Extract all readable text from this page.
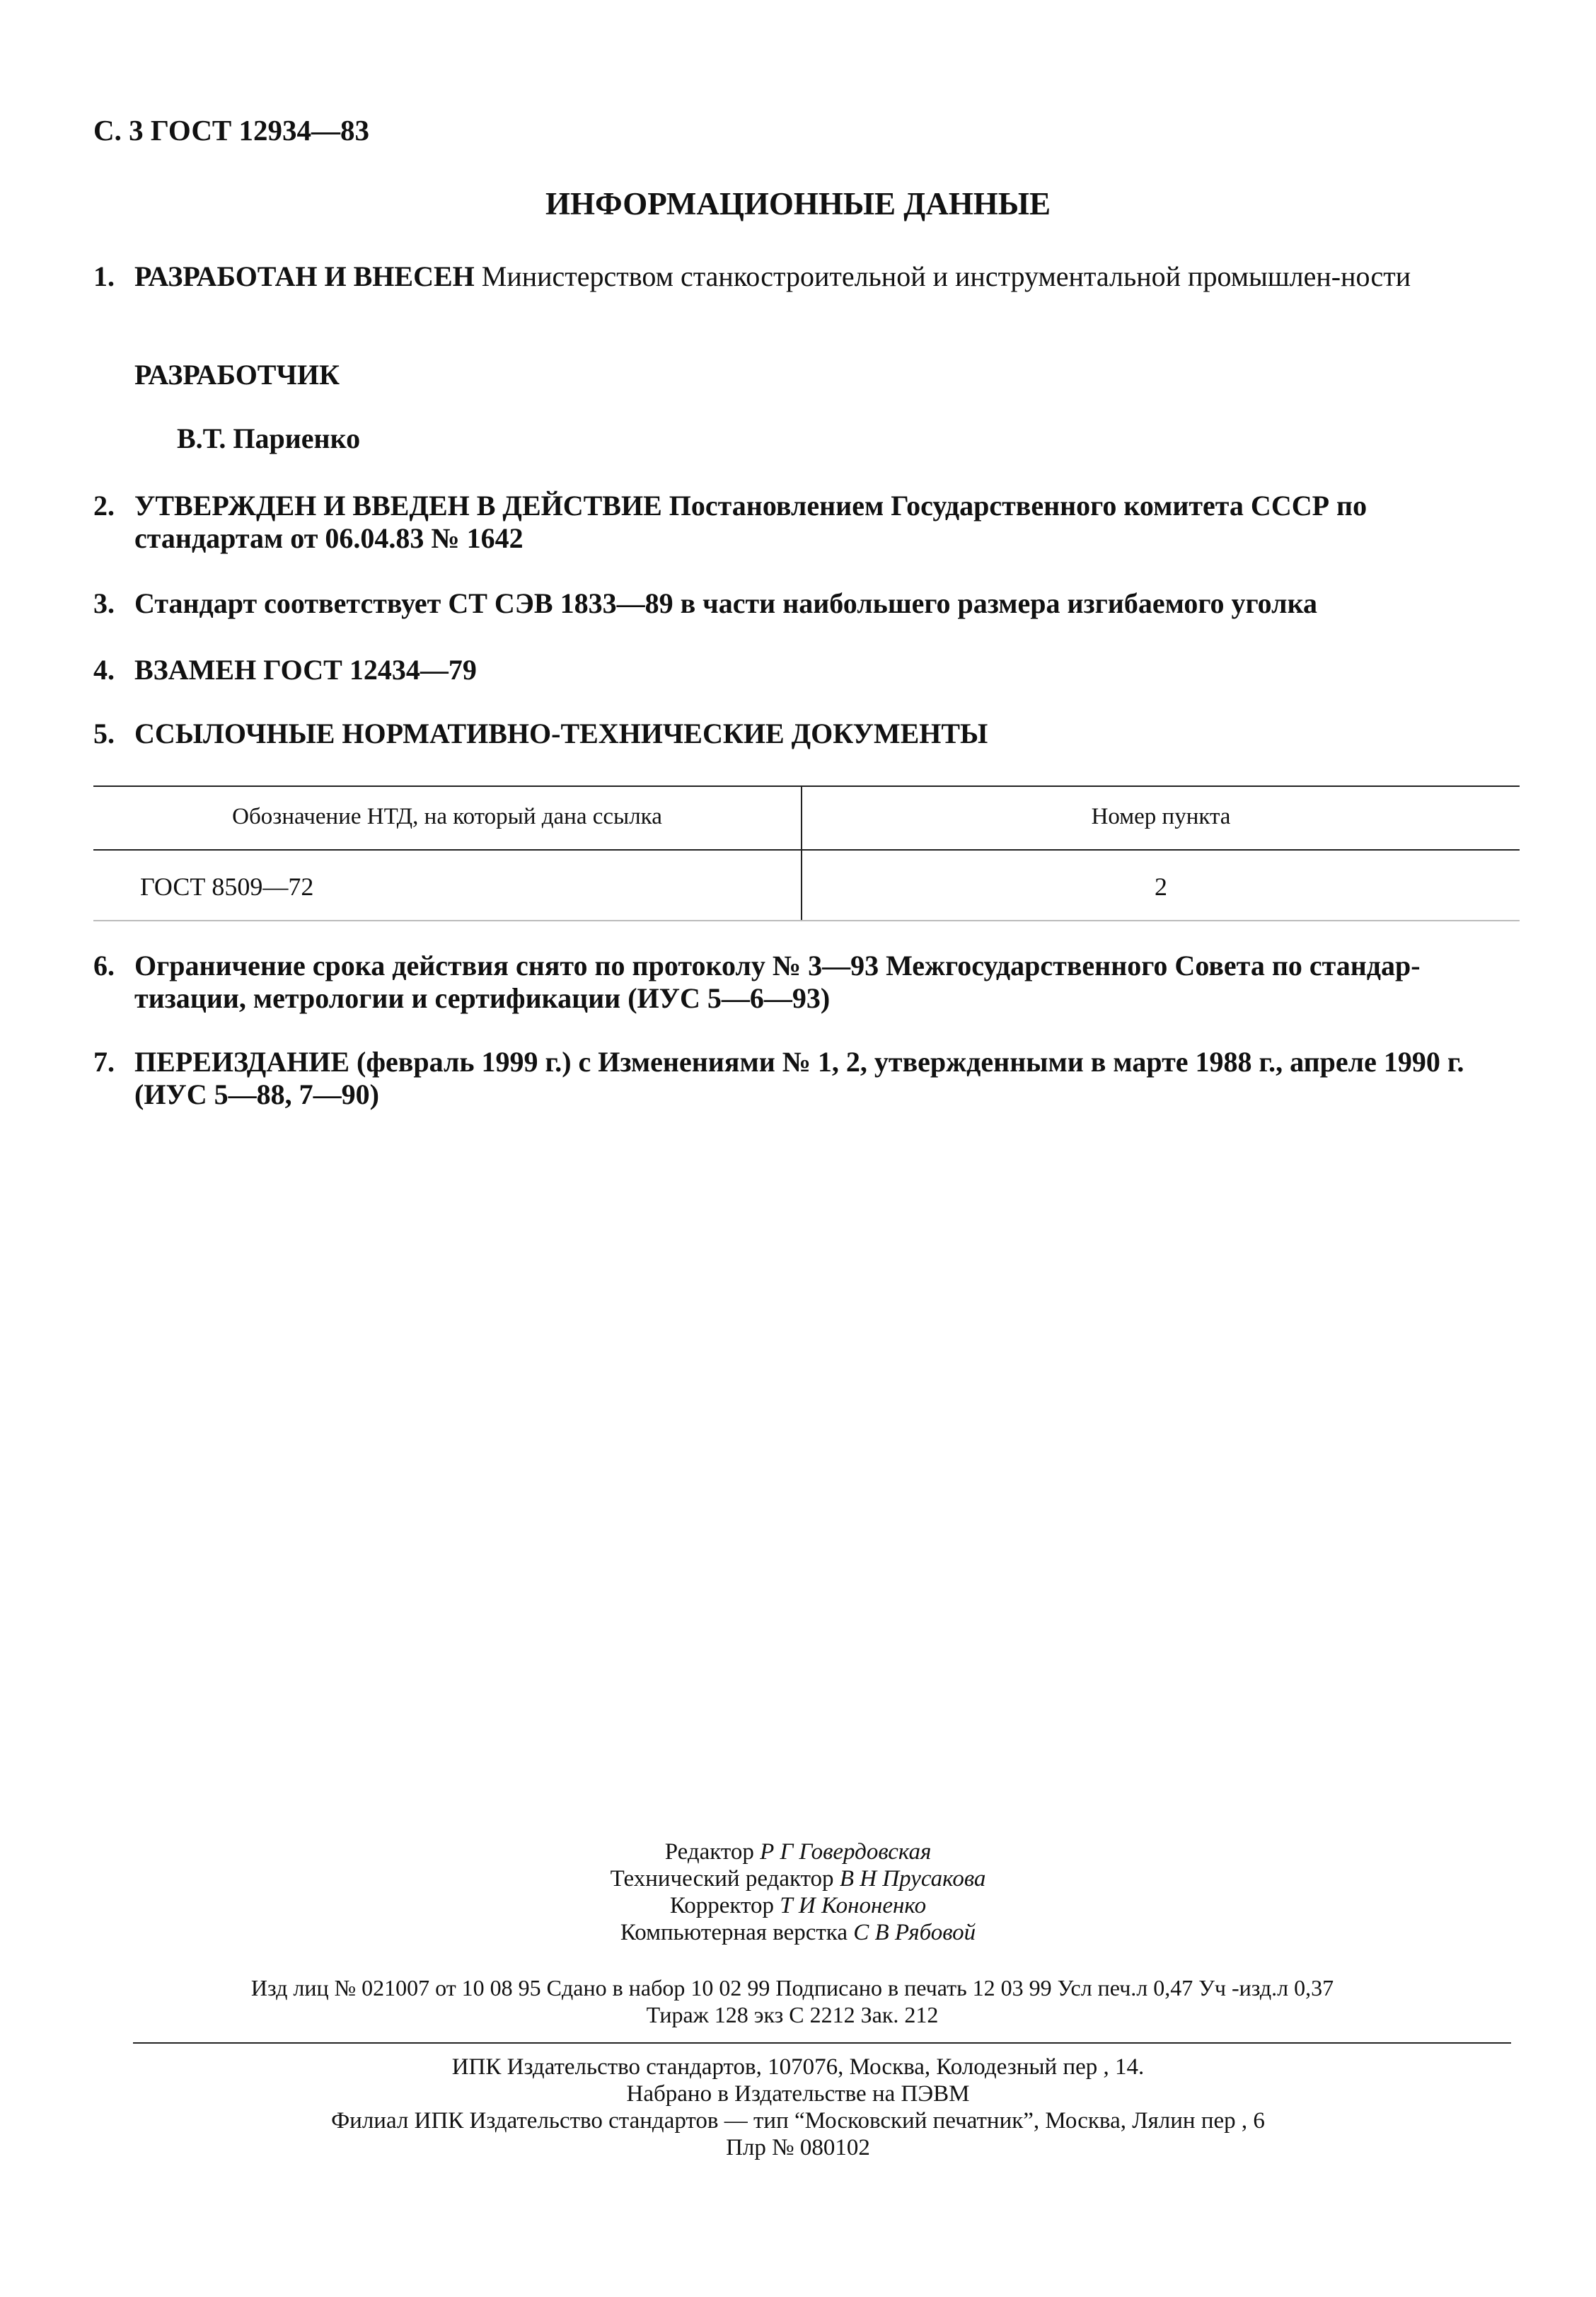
С. 3 ГОСТ 12934—83
ИНФОРМАЦИОННЫЕ ДАННЫЕ
1. РАЗРАБОТАН И ВНЕСЕН Министерством станкостроительной и инструментальной промышлен-ности
РАЗРАБОТЧИК
В.Т. Париенко
2. УТВЕРЖДЕН И ВВЕДЕН В ДЕЙСТВИЕ Постановлением Государственного комитета СССР по стандартам от 06.04.83 № 1642
3. Стандарт соответствует СТ СЭВ 1833—89 в части наибольшего размера изгибаемого уголка
4. ВЗАМЕН ГОСТ 12434—79
5. ССЫЛОЧНЫЕ НОРМАТИВНО-ТЕХНИЧЕСКИЕ ДОКУМЕНТЫ
Обозначение НТД, на который дана ссылка	Номер пункта
ГОСТ 8509—72	2
6. Ограничение срока действия снято по протоколу № 3—93 Межгосударственного Совета по стандар-тизации, метрологии и сертификации (ИУС 5—6—93)
7. ПЕРЕИЗДАНИЕ (февраль 1999 г.) с Изменениями № 1, 2, утвержденными в марте 1988 г., апреле 1990 г. (ИУС 5—88, 7—90)
Редактор Р Г Говердовская
Технический редактор В Н Прусакова
Корректор Т И Кононенко
Компьютерная верстка С В Рябовой
Изд лиц № 021007 от 10 08 95 Сдано в набор 10 02 99 Подписано в печать 12 03 99 Усл печ.л 0,47 Уч -изд.л 0,37
Тираж 128 экз С 2212 Зак. 212
ИПК Издательство стандартов, 107076, Москва, Колодезный пер , 14.
Набрано в Издательстве на ПЭВМ
Филиал ИПК Издательство стандартов — тип “Московский печатник”, Москва, Лялин пер , 6
Плр № 080102
